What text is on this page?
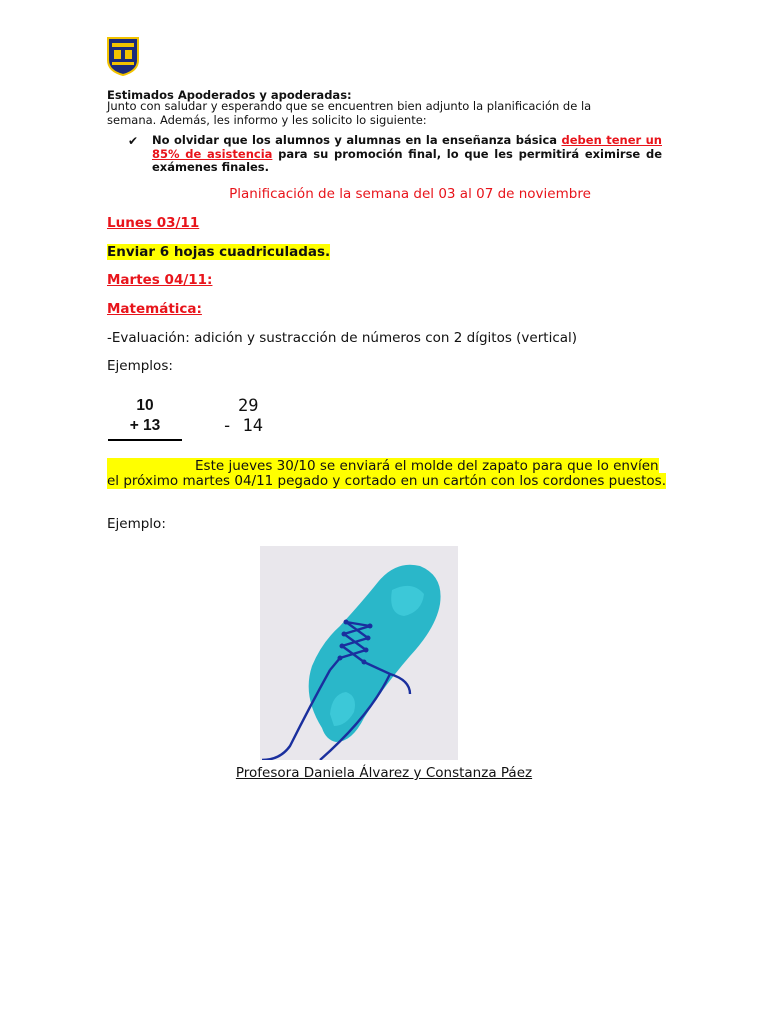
Estimados Apoderados y apoderadas:
Junto con saludar y esperando que se encuentren bien adjunto la planificación de la
semana. Además, les informo y les solicito lo siguiente:
✔ No olvidar que los alumnos y alumnas en la enseñanza básica deben tener un 85% de asistencia para su promoción final, lo que les permitirá eximirse de exámenes finales.
Planificación de la semana del 03 al 07 de noviembre
Lunes 03/11
Enviar 6 hojas cuadriculadas.
Martes 04/11:
Matemática:
-Evaluación: adición y sustracción de números con 2 dígitos (vertical)
Ejemplos:
10
+ 13
29
- 14
Este jueves 30/10 se enviará el molde del zapato para que lo envíen el próximo martes 04/11 pegado y cortado en un cartón con los cordones puestos.
Ejemplo:
Profesora Daniela Álvarez y Constanza Páez
